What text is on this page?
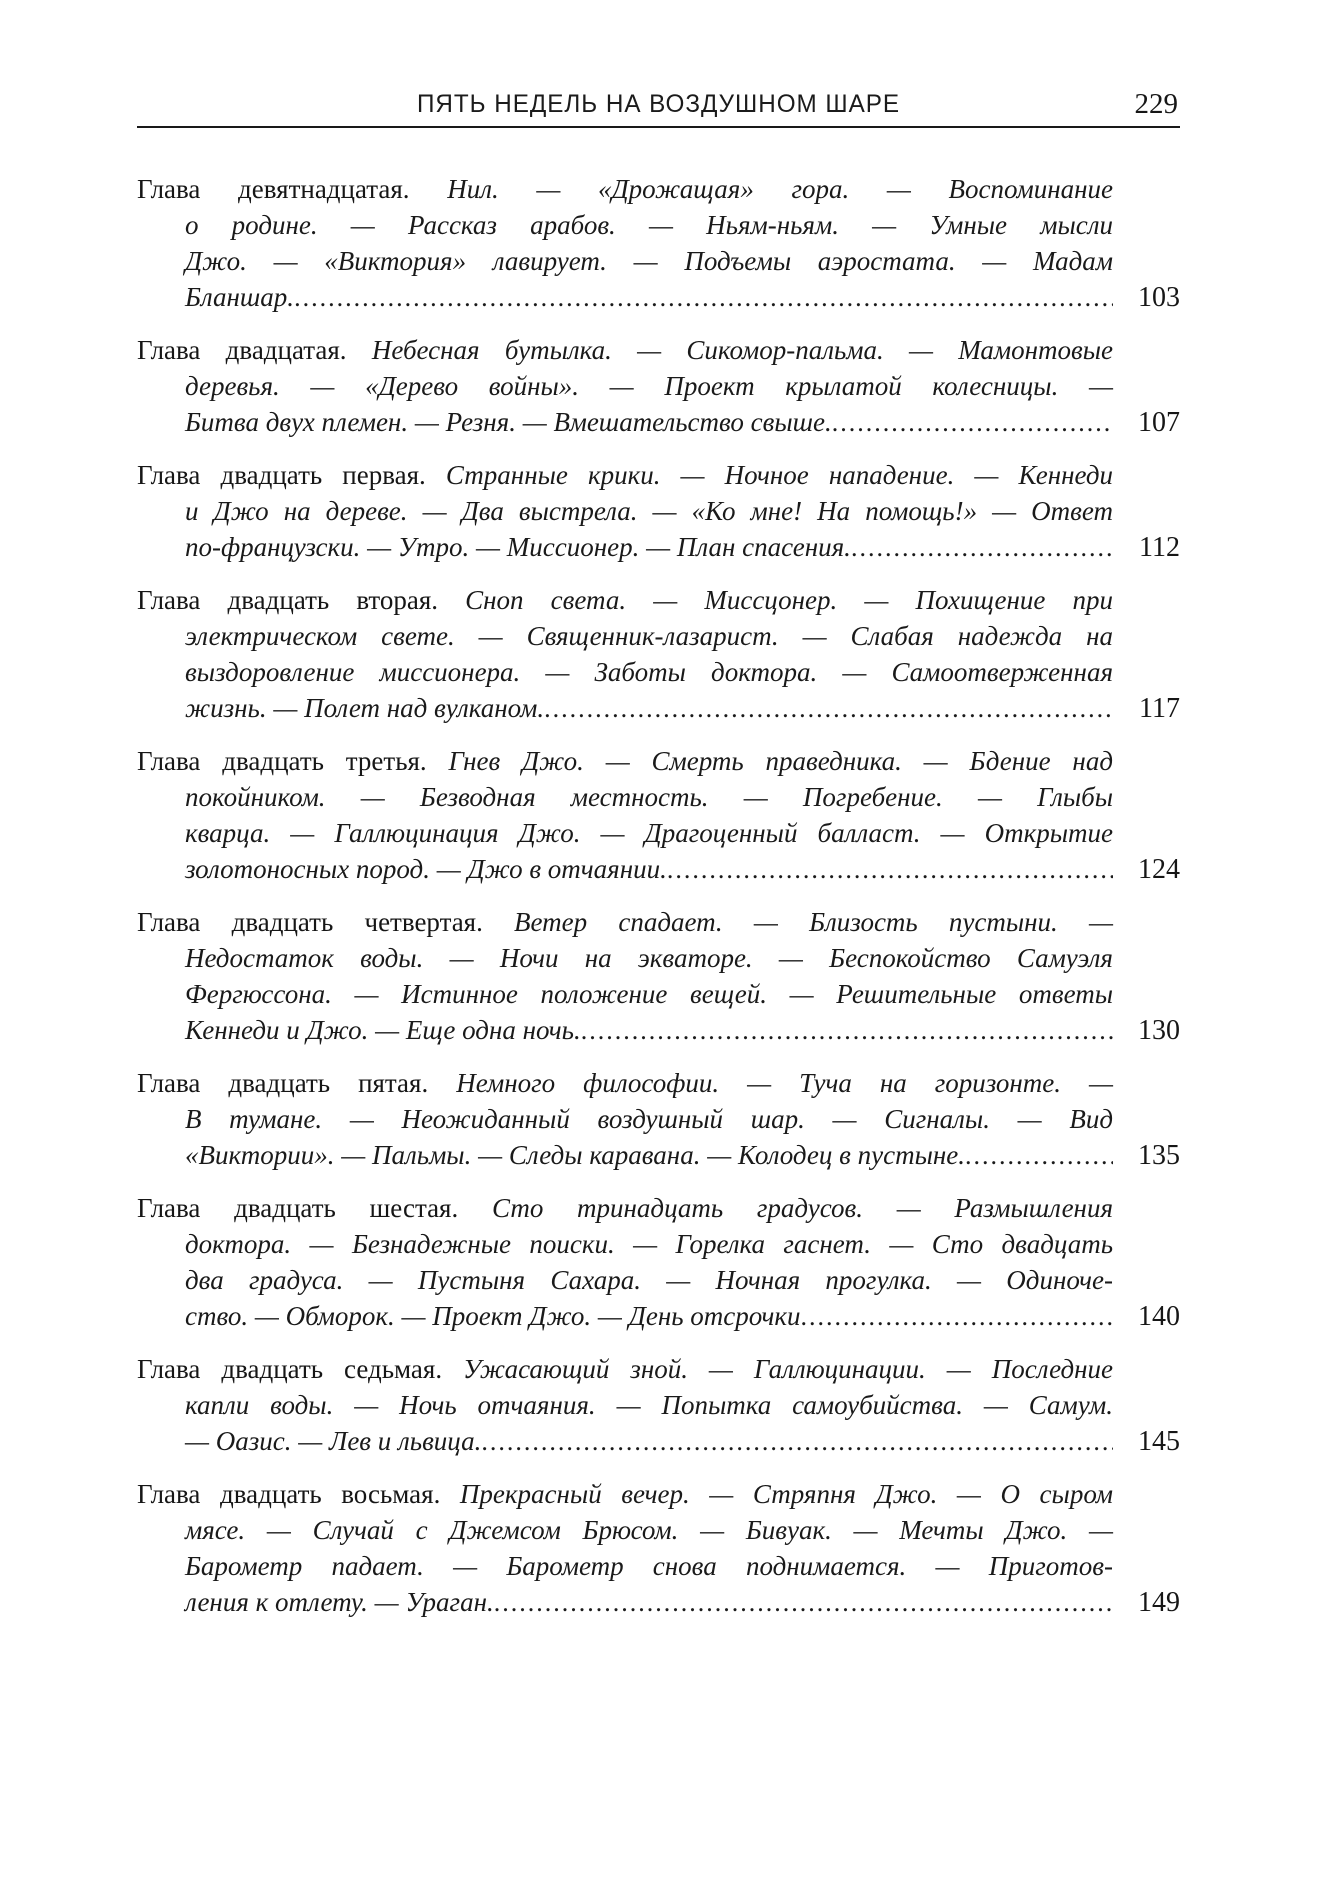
ПЯТЬ НЕДЕЛЬ НА ВОЗДУШНОМ ШАРЕ	229
Глава девятнадцатая. Нил. — «Дрожащая» гора. — Воспоминание
о родине. — Рассказ арабов. — Ньям-ньям. — Умные мысли
Джо. — «Виктория» лавирует. — Подъемы аэростата. — Мадам
Бланшар. .....	103
Глава двадцатая. Небесная бутылка. — Сикомор-пальма. — Мамонтовые
деревья. — «Дерево войны». — Проект крылатой колесницы. —
Битва двух племен. — Резня. — Вмешательство свыше. .....	107
Глава двадцать первая. Странные крики. — Ночное нападение. — Кеннеди
и Джо на дереве. — Два выстрела. — «Ко мне! На помощь!» — Ответ
по-французски. — Утро. — Миссионер. — План спасения. .....	112
Глава двадцать вторая. Сноп света. — Миссцонер. — Похищение при
электрическом свете. — Священник-лазарист. — Слабая надежда на
выздоровление миссионера. — Заботы доктора. — Самоотверженная
жизнь. — Полет над вулканом. .....	117
Глава двадцать третья. Гнев Джо. — Смерть праведника. — Бдение над
покойником. — Безводная местность. — Погребение. — Глыбы
кварца. — Галлюцинация Джо. — Драгоценный балласт. — Открытие
золотоносных пород. — Джо в отчаянии. .....	124
Глава двадцать четвертая. Ветер спадает. — Близость пустыни. —
Недостаток воды. — Ночи на экваторе. — Беспокойство Самуэля
Фергюссона. — Истинное положение вещей. — Решительные ответы
Кеннеди и Джо. — Еще одна ночь. .....	130
Глава двадцать пятая. Немного философии. — Туча на горизонте. —
В тумане. — Неожиданный воздушный шар. — Сигналы. — Вид
«Виктории». — Пальмы. — Следы каравана. — Колодец в пустыне. .....	135
Глава двадцать шестая. Сто тринадцать градусов. — Размышления
доктора. — Безнадежные поиски. — Горелка гаснет. — Сто двадцать
два градуса. — Пустыня Сахара. — Ночная прогулка. — Одиноче-
ство. — Обморок. — Проект Джо. — День отсрочки .....	140
Глава двадцать седьмая. Ужасающий зной. — Галлюцинации. — Последние
капли воды. — Ночь отчаяния. — Попытка самоубийства. — Самум.
— Оазис. — Лев и львица. .....	145
Глава двадцать восьмая. Прекрасный вечер. — Стряпня Джо. — О сыром
мясе. — Случай с Джемсом Брюсом. — Бивуак. — Мечты Джо. —
Барометр падает. — Барометр снова поднимается. — Приготов-
ления к отлету. — Ураган. .....	149
